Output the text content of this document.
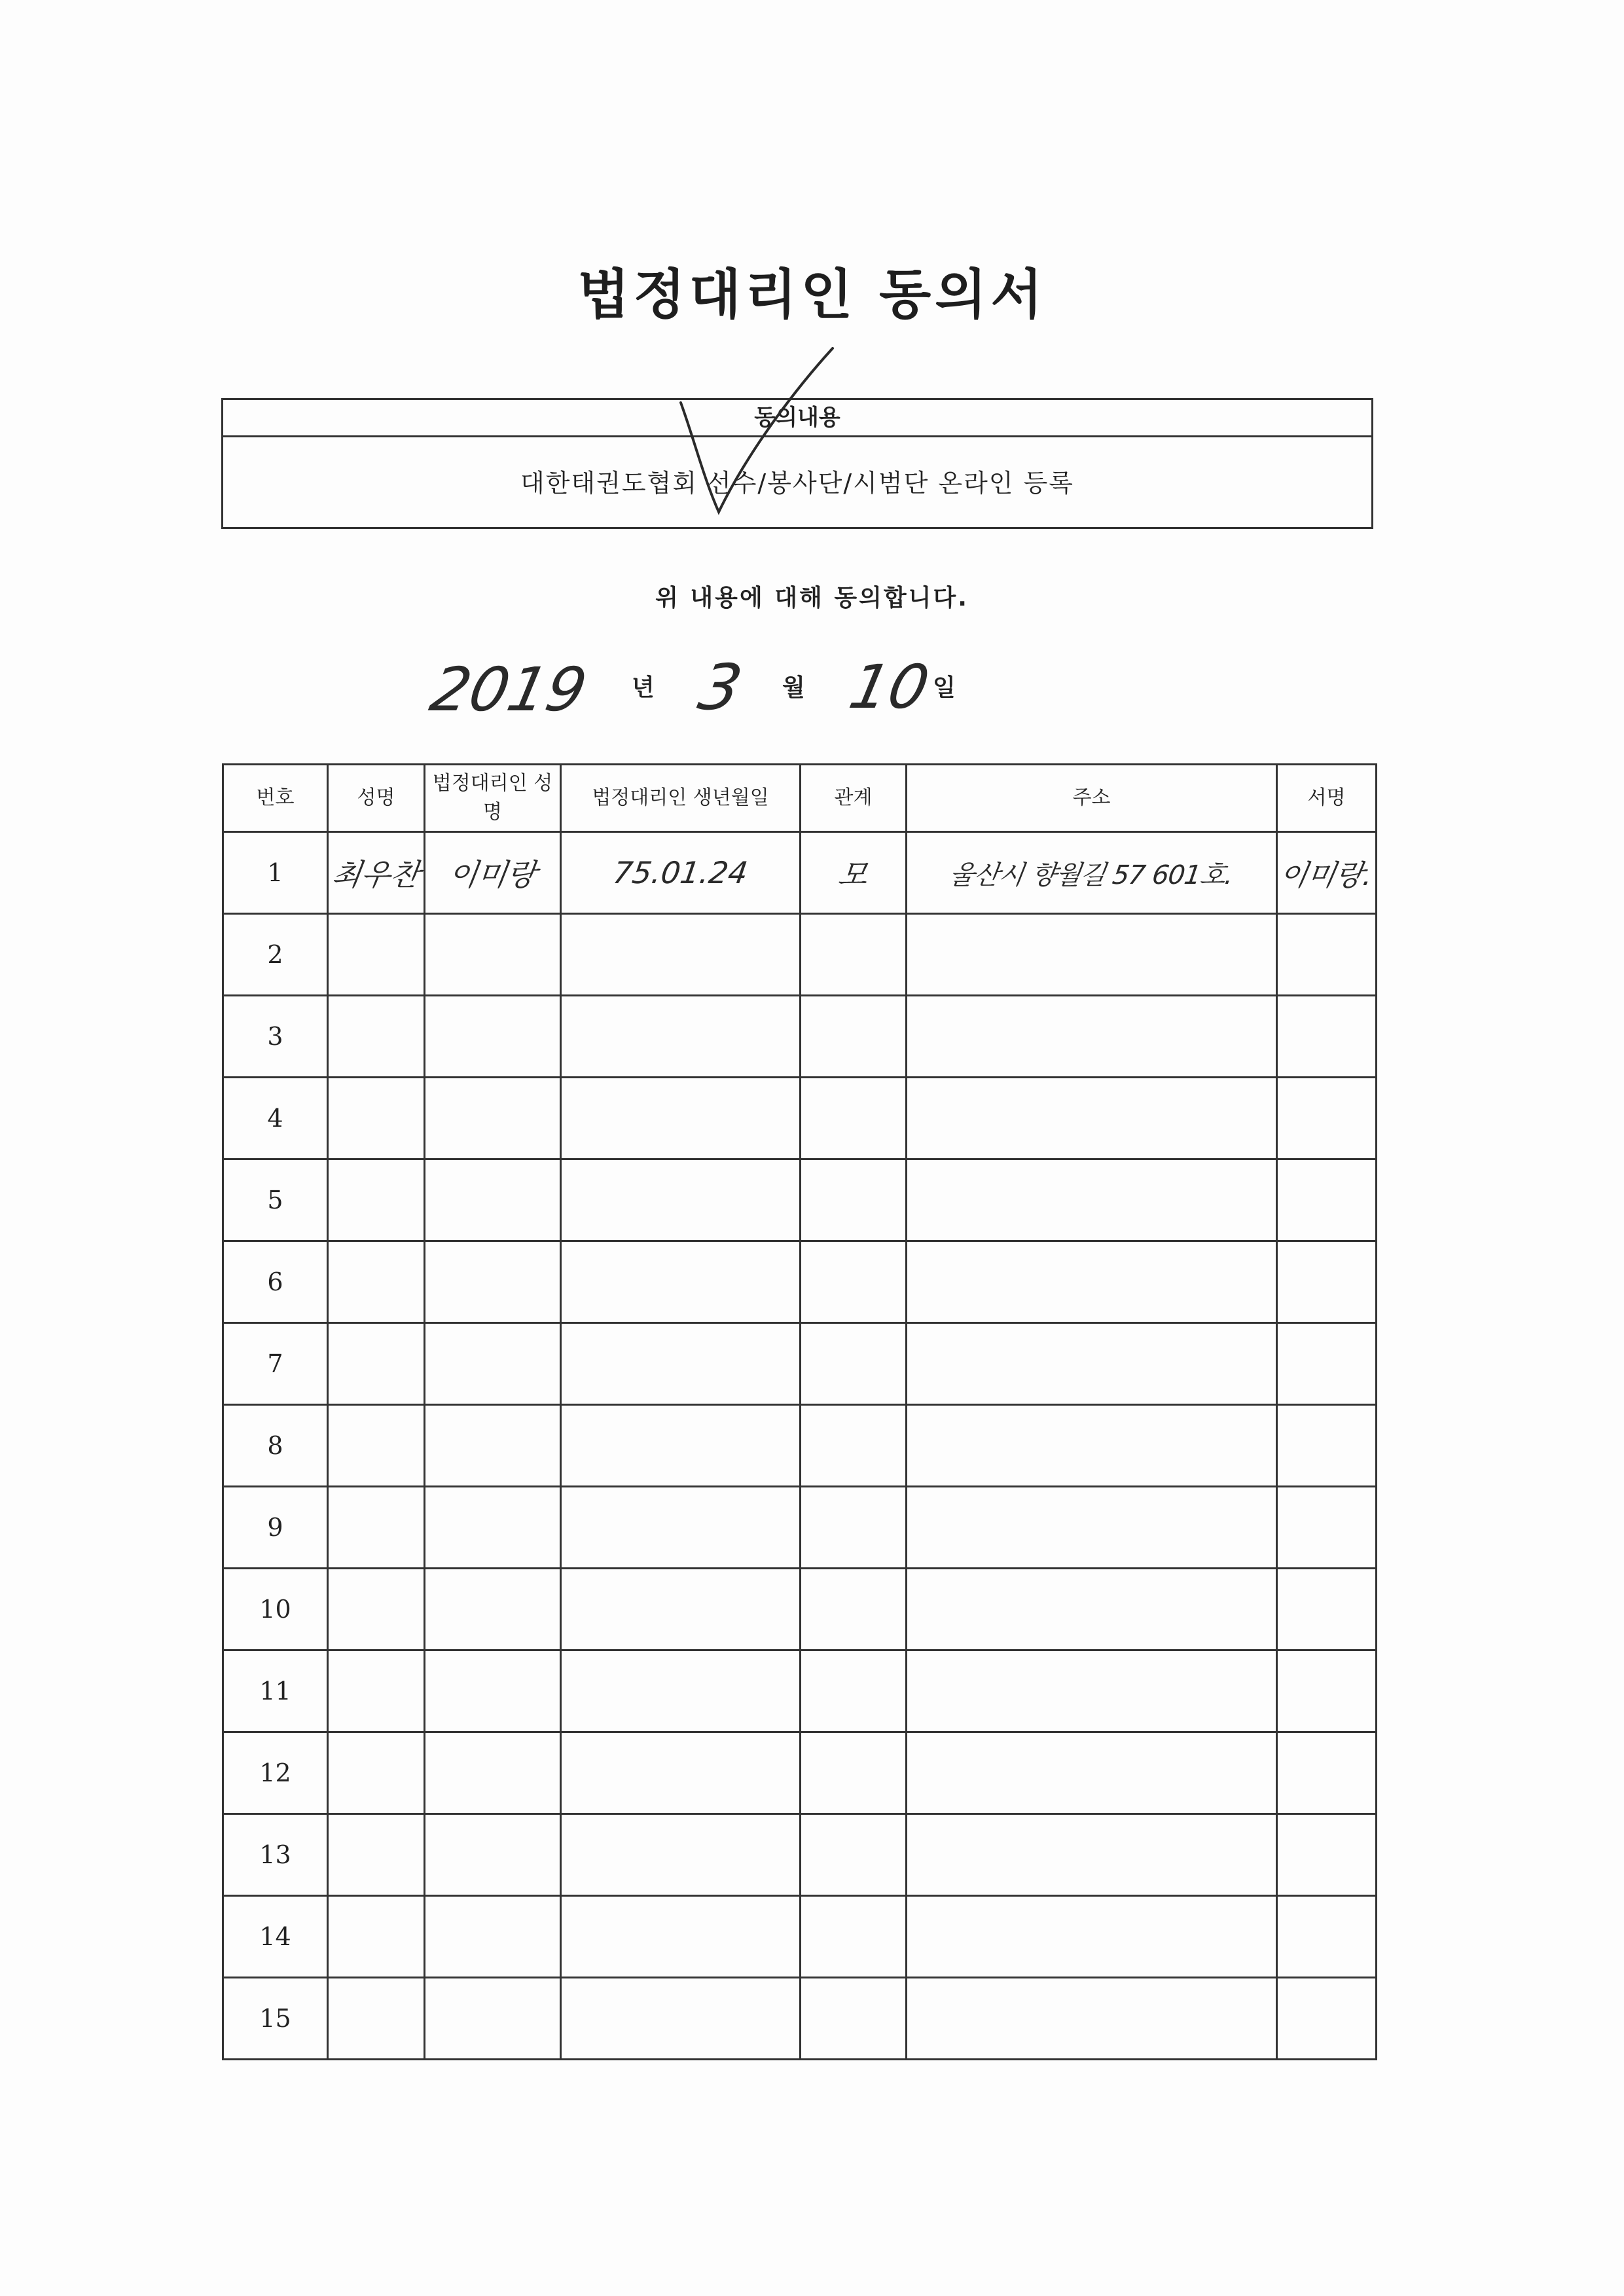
법정대리인 동의서
동의내용
대한태권도협회 선수/봉사단/시범단 온라인 등록
위 내용에 대해 동의합니다.
2019 년 3 월 10
일
번호	성명	법정대리인 성명	법정대리인 생년월일	관계	주소	서명
1	최우찬	이미랑	75.01.24	모	울산시 향월길 57 601호.	이미랑.
2						
3						
4						
5						
6						
7						
8						
9						
10						
11						
12						
13						
14						
15						
